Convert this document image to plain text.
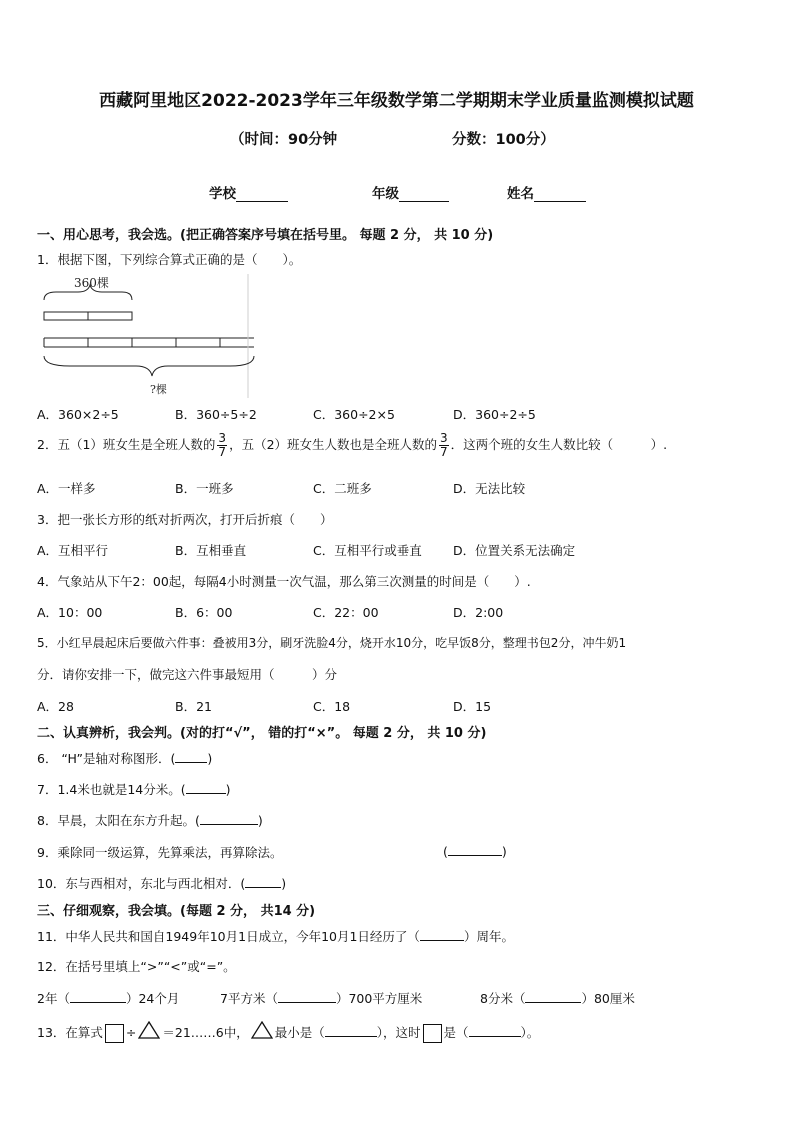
西藏阿里地区2022-2023学年三年级数学第二学期期末学业质量监测模拟试题
（时间：90分钟	分数：100分）
学校	年级	姓名
一、用心思考，我会选。(把正确答案序号填在括号里。 每题 2 分， 共 10 分)
1．根据下图，下列综合算式正确的是（　　）。
360棵
?棵
A．360×2÷5	B．360÷5÷2	C．360÷2×5	D．360÷2÷5
2．五（1）班女生是全班人数的 $\frac{3}{7}$ ，五（2）班女生人数也是全班人数的 $\frac{3}{7}$ ．这两个班的女生人数比较（　　　）.
A．一样多	B．一班多	C．二班多	D．无法比较
3．把一张长方形的纸对折两次，打开后折痕（　　）
A．互相平行	B．互相垂直	C．互相平行或垂直	D．位置关系无法确定
4．气象站从下午2：00起，每隔4小时测量一次气温，那么第三次测量的时间是（　　）.
A．10：00	B．6：00	C．22：00	D．2:00
5．小红早晨起床后要做六件事：叠被用3分，刷牙洗脸4分，烧开水10分，吃早饭8分，整理书包2分，冲牛奶1
分．请你安排一下，做完这六件事最短用（　　　）分
A．28	B．21	C．18	D．15
二、认真辨析，我会判。(对的打“√”， 错的打“×”。 每题 2 分， 共 10 分)
6． “H”是轴对称图形．(	)
7．1.4米也就是14分米。(	)
8．早晨，太阳在东方升起。(	)
9．乘除同一级运算，先算乘法，再算除法。	(	)
10．东与西相对，东北与西北相对．(	)
三、仔细观察，我会填。(每题 2 分， 共14 分)
11．中华人民共和国自1949年10月1日成立，今年10月1日经历了（	）周年。
12．在括号里填上“>”“<”或“=”。
2年（	）24个月	7平方米（	）700平方厘米	8分米（	）80厘米
13．在算式 ÷ ＝21……6中， 最小是（	），这时 是（	）。
